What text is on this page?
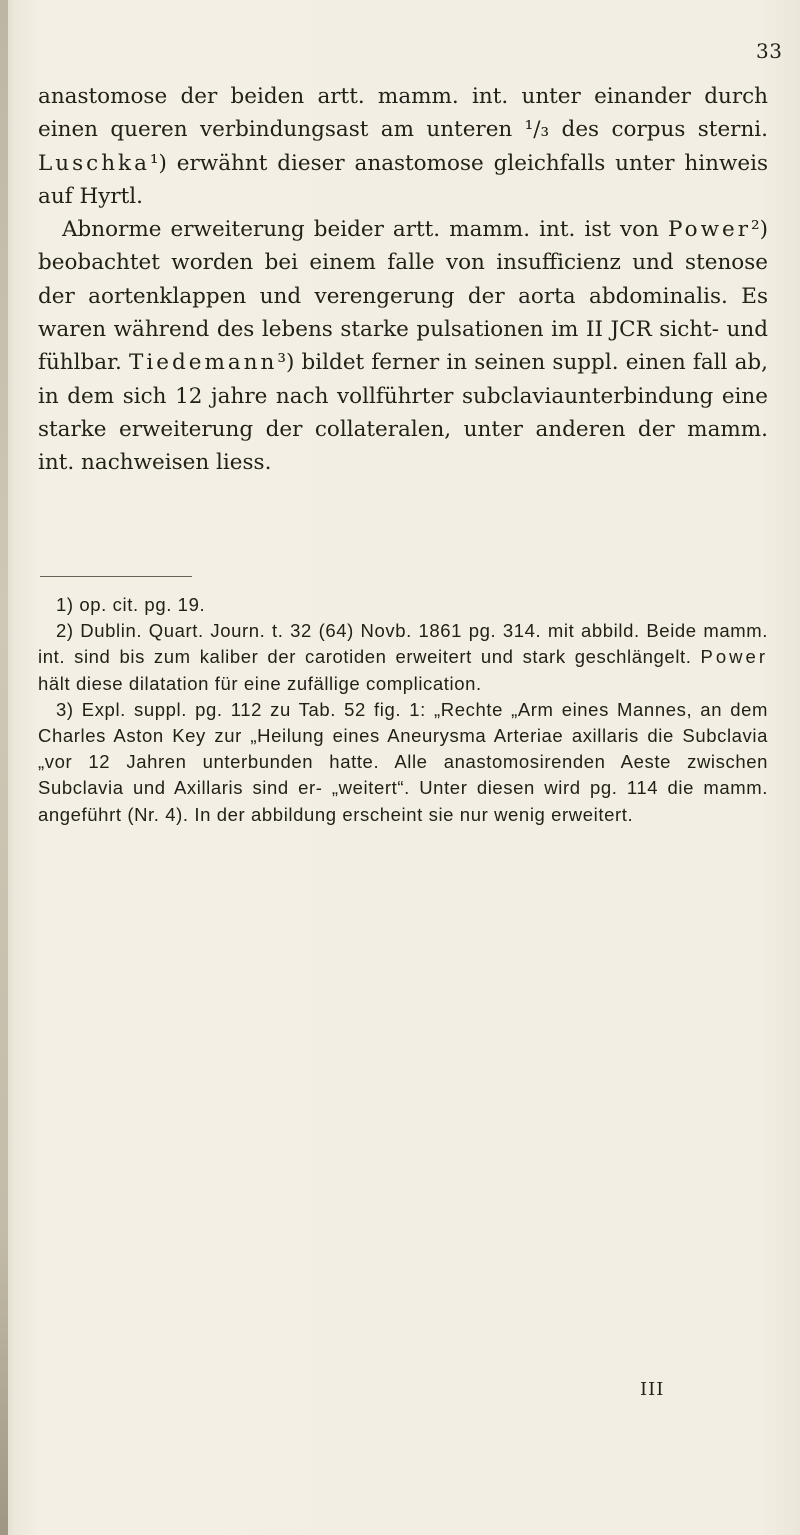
33

anastomose der beiden artt. mamm. int. unter einander durch einen queren verbindungsast am unteren ¹/₃ des corpus sterni. Luschka¹) erwähnt dieser anastomose gleichfalls unter hinweis auf Hyrtl.

Abnorme erweiterung beider artt. mamm. int. ist von Power²) beobachtet worden bei einem falle von insufficienz und stenose der aortenklappen und verengerung der aorta abdominalis. Es waren während des lebens starke pulsationen im II JCR sicht- und fühlbar. Tiedemann³) bildet ferner in seinen suppl. einen fall ab, in dem sich 12 jahre nach vollführter subclaviaunterbindung eine starke erweiterung der collateralen, unter anderen der mamm. int. nachweisen liess.

1) op. cit. pg. 19.

2) Dublin. Quart. Journ. t. 32 (64) Novb. 1861 pg. 314. mit abbild. Beide mamm. int. sind bis zum kaliber der carotiden erweitert und stark geschlängelt. Power hält diese dilatation für eine zufällige complication.

3) Expl. suppl. pg. 112 zu Tab. 52 fig. 1: „Rechte „Arm eines Mannes, an dem Charles Aston Key zur „Heilung eines Aneurysma Arteriae axillaris die Subclavia „vor 12 Jahren unterbunden hatte. Alle anastomosirenden Aeste zwischen Subclavia und Axillaris sind er- „weitert“. Unter diesen wird pg. 114 die mamm. angeführt (Nr. 4). In der abbildung erscheint sie nur wenig erweitert.

III
